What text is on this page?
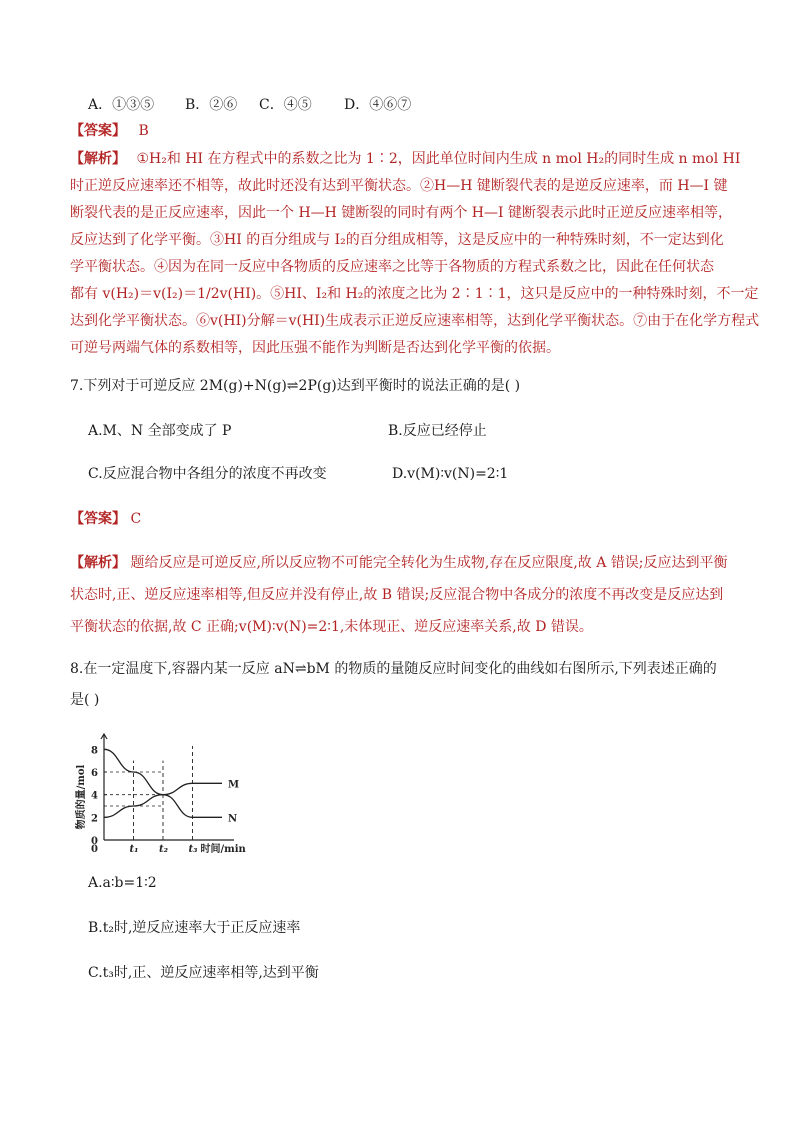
A．①③⑤ B．②⑥ C．④⑤ D．④⑥⑦
【答案】 B
【解析】 ①H₂和 HI 在方程式中的系数之比为 1∶2，因此单位时间内生成 n mol H₂的同时生成 n mol HI
时正逆反应速率还不相等，故此时还没有达到平衡状态。②H—H 键断裂代表的是逆反应速率，而 H—I 键
断裂代表的是正反应速率，因此一个 H—H 键断裂的同时有两个 H—I 键断裂表示此时正逆反应速率相等，
反应达到了化学平衡。③HI 的百分组成与 I₂的百分组成相等，这是反应中的一种特殊时刻，不一定达到化
学平衡状态。④因为在同一反应中各物质的反应速率之比等于各物质的方程式系数之比，因此在任何状态
都有 v(H₂)＝v(I₂)＝1/2v(HI)。⑤HI、I₂和 H₂的浓度之比为 2∶1∶1，这只是反应中的一种特殊时刻，不一定
达到化学平衡状态。⑥v(HI)分解＝v(HI)生成表示正逆反应速率相等，达到化学平衡状态。⑦由于在化学方程式
可逆号两端气体的系数相等，因此压强不能作为判断是否达到化学平衡的依据。
7.下列对于可逆反应 2M(g)+N(g)⇌2P(g)达到平衡时的说法正确的是( )
A.M、N 全部变成了 P	B.反应已经停止
C.反应混合物中各组分的浓度不再改变	D.v(M)∶v(N)=2∶1
【答案】 C
【解析】 题给反应是可逆反应,所以反应物不可能完全转化为生成物,存在反应限度,故 A 错误;反应达到平衡
状态时,正、逆反应速率相等,但反应并没有停止,故 B 错误;反应混合物中各成分的浓度不再改变是反应达到
平衡状态的依据,故 C 正确;v(M)∶v(N)=2∶1,未体现正、逆反应速率关系,故 D 错误。
8.在一定温度下,容器内某一反应 aN⇌bM 的物质的量随反应时间变化的曲线如右图所示,下列表述正确的
是( )
0
2
4
6
8
物质的量/mol
t₁ t₂ t₃
0	时间/min
N
M
A.a∶b=1∶2
B.t₂时,逆反应速率大于正反应速率
C.t₃时,正、逆反应速率相等,达到平衡
